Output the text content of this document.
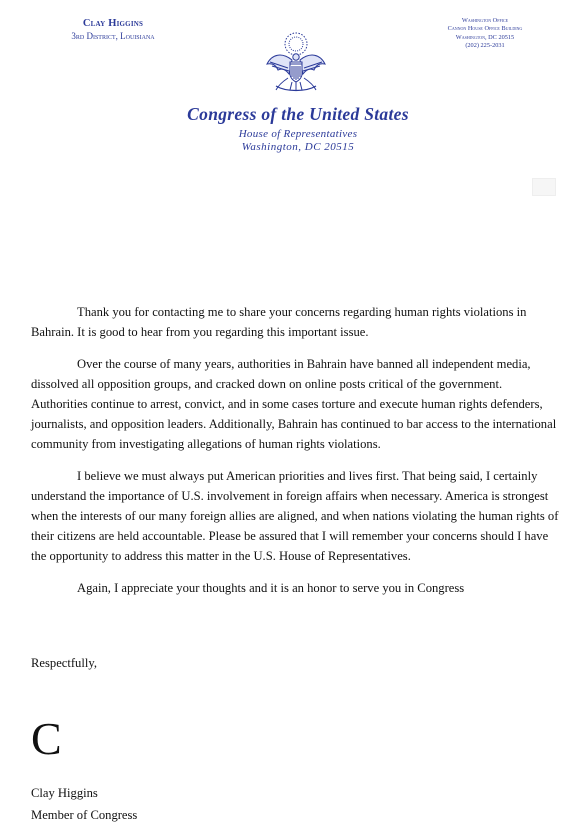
Clay Higgins
3rd District, Louisiana
Washington Office
Cannon House Office Building
Washington, DC 20515
(202) 225-2031
Congress of the United States
House of Representatives
Washington, DC 20515

Thank you for contacting me to share your concerns regarding human rights violations in Bahrain. It is good to hear from you regarding this important issue.

Over the course of many years, authorities in Bahrain have banned all independent media, dissolved all opposition groups, and cracked down on online posts critical of the government. Authorities continue to arrest, convict, and in some cases torture and execute human rights defenders, journalists, and opposition leaders. Additionally, Bahrain has continued to bar access to the international community from investigating allegations of human rights violations.

I believe we must always put American priorities and lives first. That being said, I certainly understand the importance of U.S. involvement in foreign affairs when necessary. America is strongest when the interests of our many foreign allies are aligned, and when nations violating the human rights of their citizens are held accountable. Please be assured that I will remember your concerns should I have the opportunity to address this matter in the U.S. House of Representatives.

Again, I appreciate your thoughts and it is an honor to serve you in Congress

Respectfully,
C
Clay Higgins
Member of Congress
